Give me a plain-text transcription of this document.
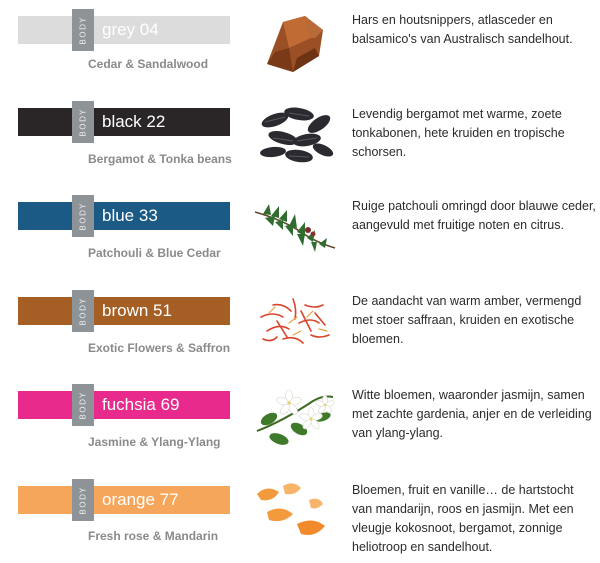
BODY grey 04
Cedar & Sandalwood
Hars en houtsnippers, atlasceder en balsamico's van Australisch sandelhout.
BODY black 22
Bergamot & Tonka beans
Levendig bergamot met warme, zoete tonkabonen, hete kruiden en tropische schorsen.
BODY blue 33
Patchouli & Blue Cedar
Ruige patchouli omringd door blauwe ceder, aangevuld met fruitige noten en citrus.
BODY brown 51
Exotic Flowers & Saffron
De aandacht van warm amber, vermengd met stoer saffraan, kruiden en exotische bloemen.
BODY fuchsia 69
Jasmine & Ylang-Ylang
Witte bloemen, waaronder jasmijn, samen met zachte gardenia, anjer en de verleiding van ylang-ylang.
BODY orange 77
Fresh rose & Mandarin
Bloemen, fruit en vanille… de hartstocht van mandarijn, roos en jasmijn. Met een vleugje kokosnoot, bergamot, zonnige heliotroop en sandelhout.
